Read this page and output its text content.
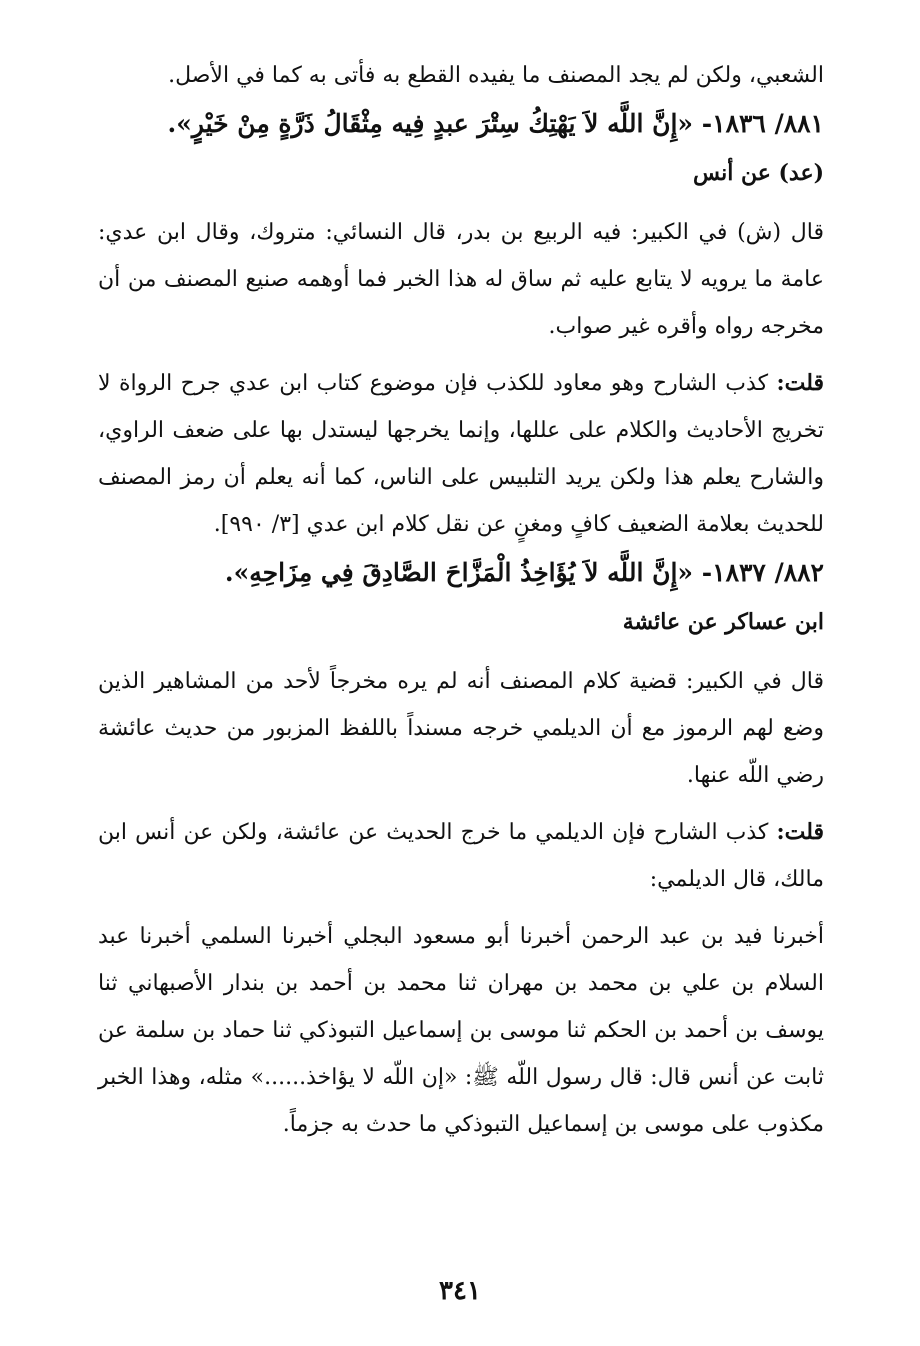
الشعبي، ولكن لم يجد المصنف ما يفيده القطع به فأتى به كما في الأصل.
٨٨١/ ١٨٣٦- «إِنَّ اللَّه لاَ يَهْتِكُ سِتْرَ عبدٍ فِيه مِثْقَالُ ذَرَّةٍ مِنْ خَيْرٍ».
(عد) عن أنس
قال (ش) في الكبير: فيه الربيع بن بدر، قال النسائي: متروك، وقال ابن عدي: عامة ما يرويه لا يتابع عليه ثم ساق له هذا الخبر فما أوهمه صنيع المصنف من أن مخرجه رواه وأقره غير صواب.
قلت: كذب الشارح وهو معاود للكذب فإن موضوع كتاب ابن عدي جرح الرواة لا تخريج الأحاديث والكلام على عللها، وإنما يخرجها ليستدل بها على ضعف الراوي، والشارح يعلم هذا ولكن يريد التلبيس على الناس، كما أنه يعلم أن رمز المصنف للحديث بعلامة الضعيف كافٍ ومغنٍ عن نقل كلام ابن عدي [٣/ ٩٩٠].
٨٨٢/ ١٨٣٧- «إِنَّ اللَّه لاَ يُؤَاخِذُ الْمَزَّاحَ الصَّادِقَ فِي مِزَاحِهِ».
ابن عساكر عن عائشة
قال في الكبير: قضية كلام المصنف أنه لم يره مخرجاً لأحد من المشاهير الذين وضع لهم الرموز مع أن الديلمي خرجه مسنداً باللفظ المزبور من حديث عائشة رضي اللّه عنها.
قلت: كذب الشارح فإن الديلمي ما خرج الحديث عن عائشة، ولكن عن أنس ابن مالك، قال الديلمي:
أخبرنا فيد بن عبد الرحمن أخبرنا أبو مسعود البجلي أخبرنا السلمي أخبرنا عبد السلام بن علي بن محمد بن مهران ثنا محمد بن أحمد بن بندار الأصبهاني ثنا يوسف بن أحمد بن الحكم ثنا موسى بن إسماعيل التبوذكي ثنا حماد بن سلمة عن ثابت عن أنس قال: قال رسول اللّه ﷺ: «إن اللّه لا يؤاخذ......» مثله، وهذا الخبر مكذوب على موسى بن إسماعيل التبوذكي ما حدث به جزماً.
٣٤١
